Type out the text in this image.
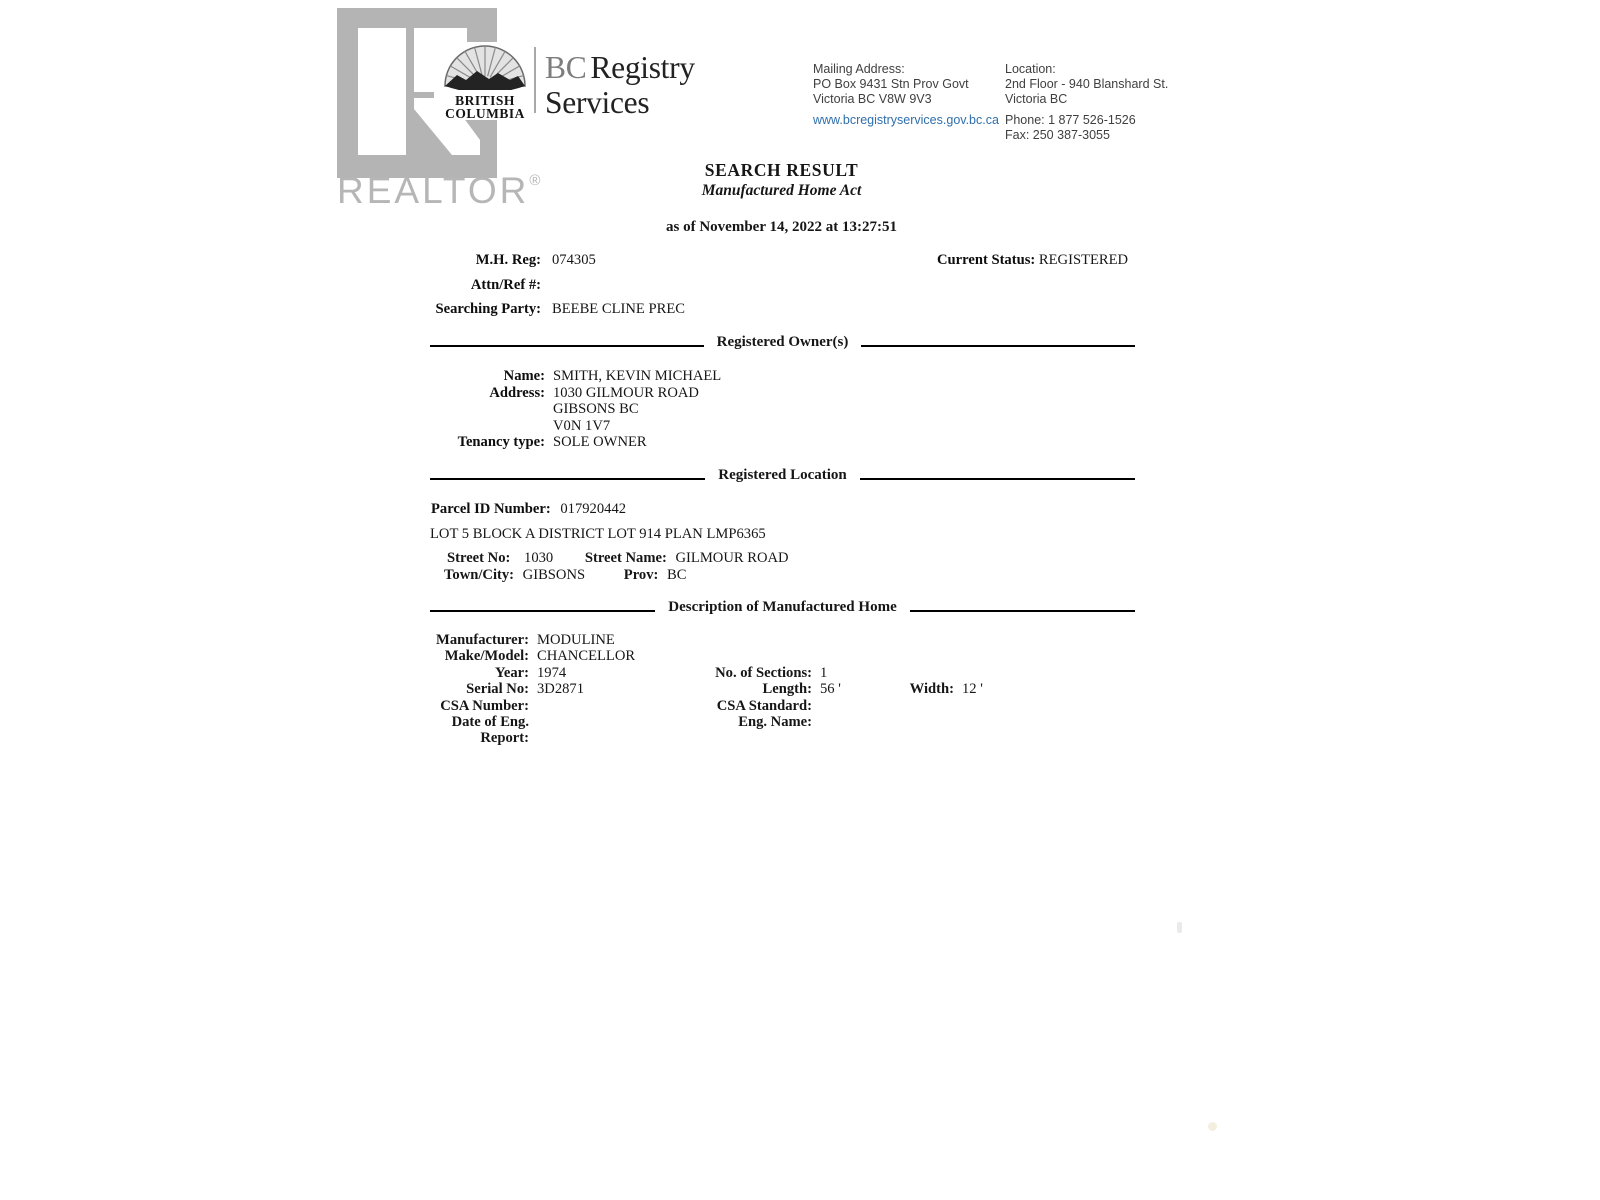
REALTOR®
BRITISH
COLUMBIA
BC Registry
Services
Mailing Address:
PO Box 9431 Stn Prov Govt
Victoria BC V8W 9V3
www.bcregistryservices.gov.bc.ca
Location:
2nd Floor - 940 Blanshard St.
Victoria BC
Phone: 1 877 526-1526
Fax: 250 387-3055
SEARCH RESULT
Manufactured Home Act
as of November 14, 2022 at 13:27:51
M.H. Reg: 074305	Current Status: REGISTERED
Attn/Ref #:
Searching Party: BEEBE CLINE PREC
Registered Owner(s)
Name: SMITH, KEVIN MICHAEL
Address: 1030 GILMOUR ROAD
GIBSONS BC
V0N 1V7
Tenancy type: SOLE OWNER
Registered Location
Parcel ID Number: 017920442
LOT 5 BLOCK A DISTRICT LOT 914 PLAN LMP6365
Street No: 1030 Street Name: GILMOUR ROAD
Town/City: GIBSONS	Prov: BC
Description of Manufactured Home
Manufacturer: MODULINE
Make/Model: CHANCELLOR
Year: 1974	No. of Sections: 1
Serial No: 3D2871	Length: 56 '	Width: 12 '
CSA Number:	CSA Standard:
Date of Eng.	Eng. Name:
Report:
